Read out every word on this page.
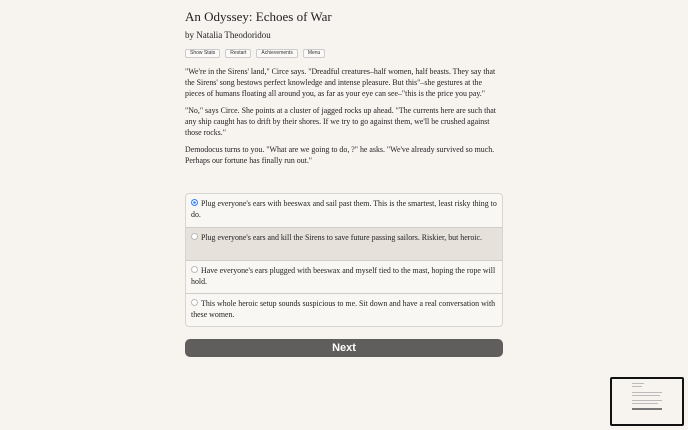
An Odyssey: Echoes of War
by Natalia Theodoridou
Show Stats	Restart	Achievements	Menu

"We're in the Sirens' land," Circe says. "Dreadful creatures–half women, half beasts. They say that the Sirens' song bestows perfect knowledge and intense pleasure. But this"–she gestures at the pieces of humans floating all around you, as far as your eye can see–"this is the price you pay."

"No," says Circe. She points at a cluster of jagged rocks up ahead. "The currents here are such that any ship caught has to drift by their shores. If we try to go against them, we'll be crushed against those rocks."

Demodocus turns to you. "What are we going to do, ?" he asks. "We've already survived so much. Perhaps our fortune has finally run out."

Plug everyone's ears with beeswax and sail past them. This is the smartest, least risky thing to do.
Plug everyone's ears and kill the Sirens to save future passing sailors. Riskier, but heroic.
Have everyone's ears plugged with beeswax and myself tied to the mast, hoping the rope will hold.
This whole heroic setup sounds suspicious to me. Sit down and have a real conversation with these women.
Next
